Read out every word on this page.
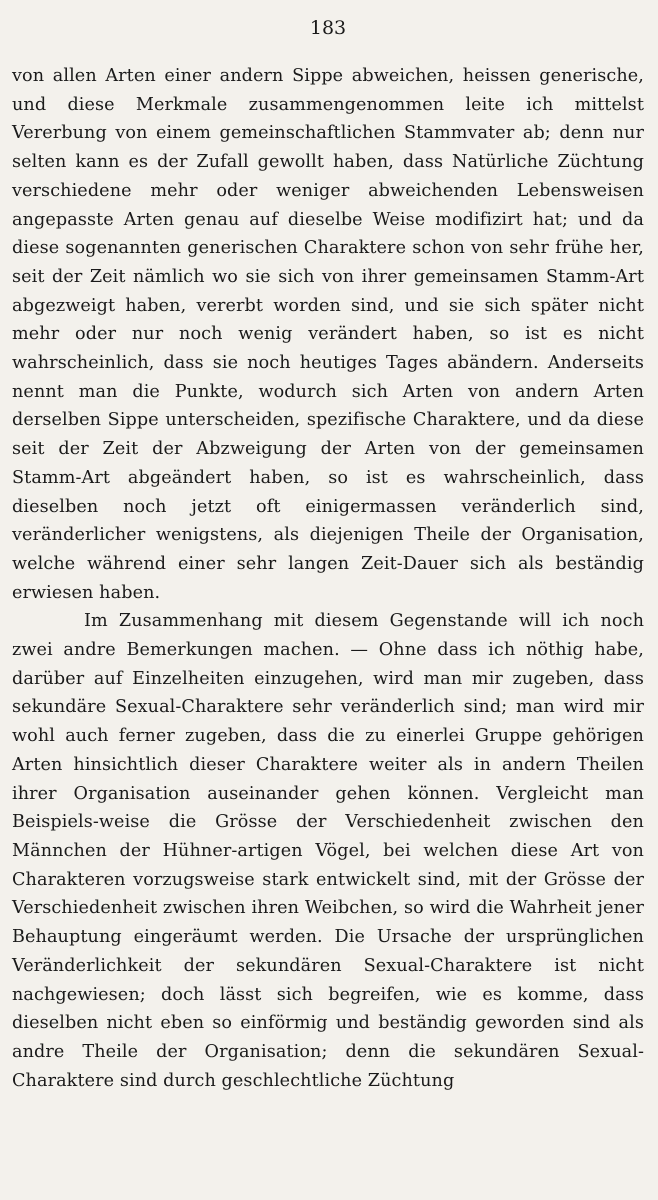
183

von allen Arten einer andern Sippe abweichen, heissen generische, und diese Merkmale zusammengenommen leite ich mittelst Vererbung von einem gemeinschaftlichen Stammvater ab; denn nur selten kann es der Zufall gewollt haben, dass Natürliche Züchtung verschiedene mehr oder weniger abweichenden Lebensweisen angepasste Arten genau auf dieselbe Weise modifizirt hat; und da diese sogenannten generischen Charaktere schon von sehr frühe her, seit der Zeit nämlich wo sie sich von ihrer gemeinsamen Stamm-Art abgezweigt haben, vererbt worden sind, und sie sich später nicht mehr oder nur noch wenig verändert haben, so ist es nicht wahrscheinlich, dass sie noch heutiges Tages abändern. Anderseits nennt man die Punkte, wodurch sich Arten von andern Arten derselben Sippe unterscheiden, spezifische Charaktere, und da diese seit der Zeit der Abzweigung der Arten von der gemeinsamen Stamm-Art abgeändert haben, so ist es wahrscheinlich, dass dieselben noch jetzt oft einigermassen veränderlich sind, veränderlicher wenigstens, als diejenigen Theile der Organisation, welche während einer sehr langen Zeit-Dauer sich als beständig erwiesen haben.

Im Zusammenhang mit diesem Gegenstande will ich noch zwei andre Bemerkungen machen. — Ohne dass ich nöthig habe, darüber auf Einzelheiten einzugehen, wird man mir zugeben, dass sekundäre Sexual-Charaktere sehr veränderlich sind; man wird mir wohl auch ferner zugeben, dass die zu einerlei Gruppe gehörigen Arten hinsichtlich dieser Charaktere weiter als in andern Theilen ihrer Organisation auseinander gehen können. Vergleicht man Beispiels-weise die Grösse der Verschiedenheit zwischen den Männchen der Hühner-artigen Vögel, bei welchen diese Art von Charakteren vorzugsweise stark entwickelt sind, mit der Grösse der Verschiedenheit zwischen ihren Weibchen, so wird die Wahrheit jener Behauptung eingeräumt werden. Die Ursache der ursprünglichen Veränderlichkeit der sekundären Sexual-Charaktere ist nicht nachgewiesen; doch lässt sich begreifen, wie es komme, dass dieselben nicht eben so einförmig und beständig geworden sind als andre Theile der Organisation; denn die sekundären Sexual-Charaktere sind durch geschlechtliche Züchtung
